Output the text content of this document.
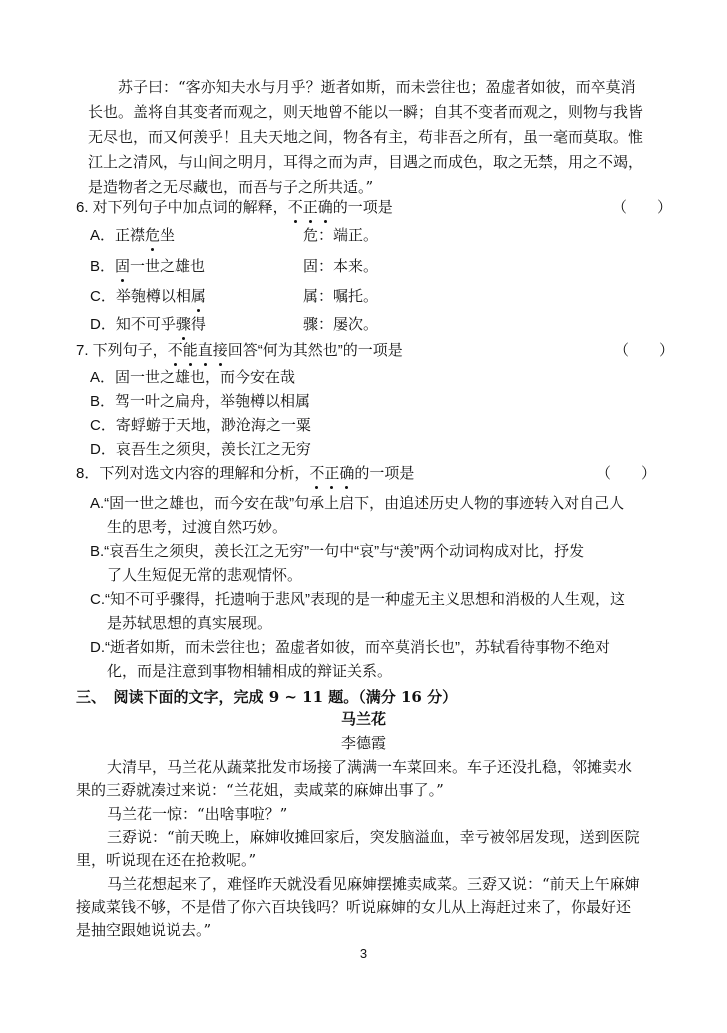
苏子曰：“客亦知夫水与月乎？逝者如斯，而未尝往也；盈虚者如彼，而卒莫消
长也。盖将自其变者而观之，则天地曾不能以一瞬；自其不变者而观之，则物与我皆
无尽也，而又何羡乎！且夫天地之间，物各有主，苟非吾之所有，虽一毫而莫取。惟
江上之清风，与山间之明月，耳得之而为声，目遇之而成色，取之无禁，用之不竭，
是造物者之无尽藏也，而吾与子之所共适。”
6. 对下列句子中加点词的解释，不正确的一项是	（　　）
A．正襟危坐	危：端正。
B．固一世之雄也	固：本来。
C．举匏樽以相属	属：嘱托。
D．知不可乎骤得	骤：屡次。
7. 下列句子，不能直接回答“何为其然也”的一项是	（　　）
A．固一世之雄也，而今安在哉
B．驾一叶之扁舟，举匏樽以相属
C．寄蜉蝣于天地，渺沧海之一粟
D．哀吾生之须臾，羡长江之无穷
8．下列对选文内容的理解和分析，不正确的一项是	（　　）
A.“固一世之雄也，而今安在哉”句承上启下，由追述历史人物的事迹转入对自己人
生的思考，过渡自然巧妙。
B.“哀吾生之须臾，羡长江之无穷”一句中“哀”与“羡”两个动词构成对比，抒发
了人生短促无常的悲观情怀。
C.“知不可乎骤得，托遗响于悲风”表现的是一种虚无主义思想和消极的人生观，这
是苏轼思想的真实展现。
D.“逝者如斯，而未尝往也；盈虚者如彼，而卒莫消长也”，苏轼看待事物不绝对
化，而是注意到事物相辅相成的辩证关系。
三、　阅读下面的文字，完成 9 ~ 11 题。（满分 16 分）
马兰花
李德霞
大清早，马兰花从蔬菜批发市场接了满满一车菜回来。车子还没扎稳，邻摊卖水
果的三孬就凑过来说：“兰花姐，卖咸菜的麻婶出事了。”
马兰花一惊：“出啥事啦？”
三孬说：“前天晚上，麻婶收摊回家后，突发脑溢血，幸亏被邻居发现，送到医院
里，听说现在还在抢救呢。”
马兰花想起来了，难怪昨天就没看见麻婶摆摊卖咸菜。三孬又说：“前天上午麻婶
接咸菜钱不够，不是借了你六百块钱吗？听说麻婶的女儿从上海赶过来了，你最好还
是抽空跟她说说去。”
3
